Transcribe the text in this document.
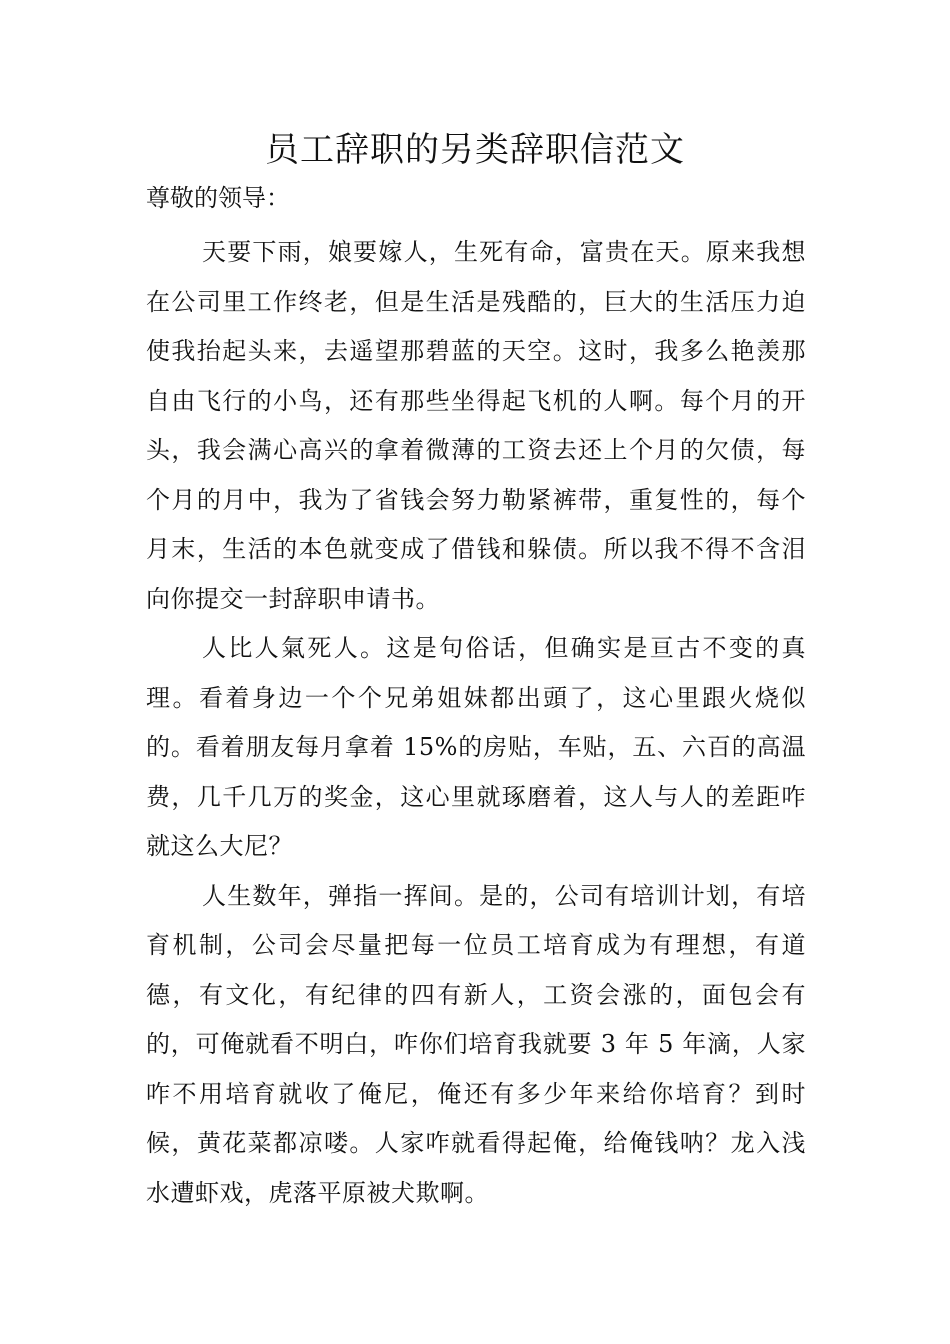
员工辞职的另类辞职信范文

尊敬的领导：

天要下雨，娘要嫁人，生死有命，富贵在天。原来我想在公司里工作终老，但是生活是残酷的，巨大的生活压力迫使我抬起头来，去遥望那碧蓝的天空。这时，我多么艳羡那自由飞行的小鸟，还有那些坐得起飞机的人啊。每个月的开头，我会满心高兴的拿着微薄的工资去还上个月的欠债，每个月的月中，我为了省钱会努力勒紧裤带，重复性的，每个月末，生活的本色就变成了借钱和躲债。所以我不得不含泪向你提交一封辞职申请书。

人比人氣死人。这是句俗话，但确实是亘古不变的真理。看着身边一个个兄弟姐妹都出頭了，这心里跟火烧似的。看着朋友每月拿着 15%的房贴，车贴，五、六百的高温费，几千几万的奖金，这心里就琢磨着，这人与人的差距咋就这么大尼？

人生数年，弹指一挥间。是的，公司有培训计划，有培育机制，公司会尽量把每一位员工培育成为有理想，有道德，有文化，有纪律的四有新人，工资会涨的，面包会有的，可俺就看不明白，咋你们培育我就要 3 年 5 年滴，人家咋不用培育就收了俺尼，俺还有多少年来给你培育？到时候，黄花菜都凉喽。人家咋就看得起俺，给俺钱呐？龙入浅水遭虾戏，虎落平原被犬欺啊。
